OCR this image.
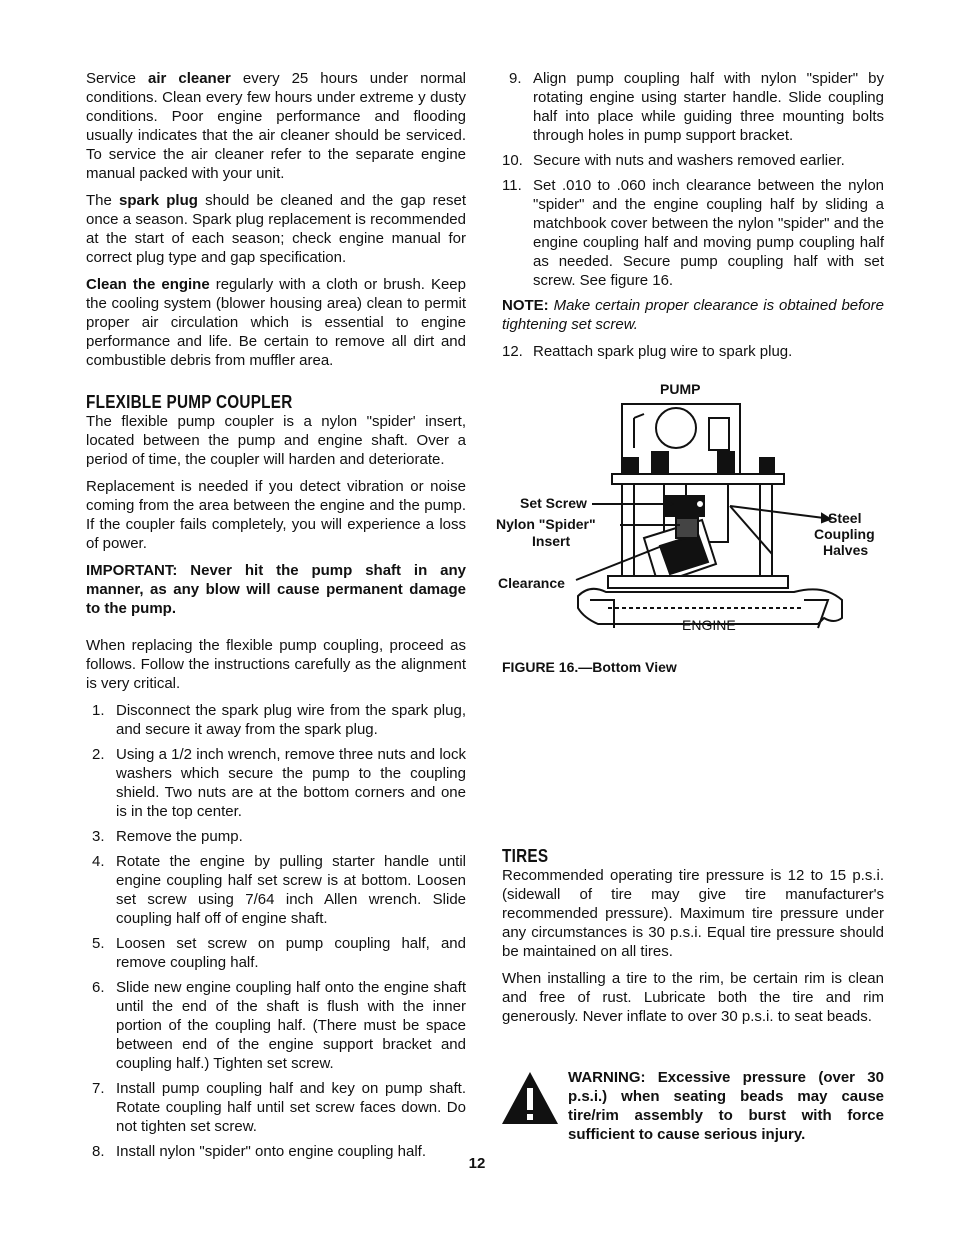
Service air cleaner every 25 hours under normal conditions. Clean every few hours under extreme y dusty conditions. Poor engine performance and flooding usually indicates that the air cleaner should be serviced. To service the air cleaner refer to the separate engine manual packed with your unit.

The spark plug should be cleaned and the gap reset once a season. Spark plug replacement is recommended at the start of each season; check engine manual for correct plug type and gap specification.

Clean the engine regularly with a cloth or brush. Keep the cooling system (blower housing area) clean to permit proper air circulation which is essential to engine performance and life. Be certain to remove all dirt and combustible debris from muffler area.

FLEXIBLE PUMP COUPLER

The flexible pump coupler is a nylon "spider' insert, located between the pump and engine shaft. Over a period of time, the coupler will harden and deteriorate.

Replacement is needed if you detect vibration or noise coming from the area between the engine and the pump. If the coupler fails completely, you will experience a loss of power.

IMPORTANT: Never hit the pump shaft in any manner, as any blow will cause permanent damage to the pump.

When replacing the flexible pump coupling, proceed as follows. Follow the instructions carefully as the alignment is very critical.

1. Disconnect the spark plug wire from the spark plug, and secure it away from the spark plug.
2. Using a 1/2 inch wrench, remove three nuts and lock washers which secure the pump to the coupling shield. Two nuts are at the bottom corners and one is in the top center.
3. Remove the pump.
4. Rotate the engine by pulling starter handle until engine coupling half set screw is at bottom. Loosen set screw using 7/64 inch Allen wrench. Slide coupling half off of engine shaft.
5. Loosen set screw on pump coupling half, and remove coupling half.
6. Slide new engine coupling half onto the engine shaft until the end of the shaft is flush with the inner portion of the coupling half. (There must be space between end of the engine support bracket and coupling half.) Tighten set screw.
7. Install pump coupling half and key on pump shaft. Rotate coupling half until set screw faces down. Do not tighten set screw.
8. Install nylon "spider" onto engine coupling half.
9. Align pump coupling half with nylon "spider" by rotating engine using starter handle. Slide coupling half into place while guiding three mounting bolts through holes in pump support bracket.
10. Secure with nuts and washers removed earlier.
11. Set .010 to .060 inch clearance between the nylon "spider" and the engine coupling half by sliding a matchbook cover between the nylon "spider" and the engine coupling half and moving pump coupling half as needed. Secure pump coupling half with set screw. See figure 16.

NOTE: Make certain proper clearance is obtained before tightening set screw.

12. Reattach spark plug wire to spark plug.
PUMP
Set Screw
Nylon "Spider"
Insert
Clearance
Steel
Coupling
Halves
ENGINE
FIGURE 16.—Bottom View
TIRES

Recommended operating tire pressure is 12 to 15 p.s.i. (sidewall of tire may give tire manufacturer's recommended pressure). Maximum tire pressure under any circumstances is 30 p.s.i. Equal tire pressure should be maintained on all tires.

When installing a tire to the rim, be certain rim is clean and free of rust. Lubricate both the tire and rim generously. Never inflate to over 30 p.s.i. to seat beads.

WARNING: Excessive pressure (over 30 p.s.i.) when seating beads may cause tire/rim assembly to burst with force sufficient to cause serious injury.
12
